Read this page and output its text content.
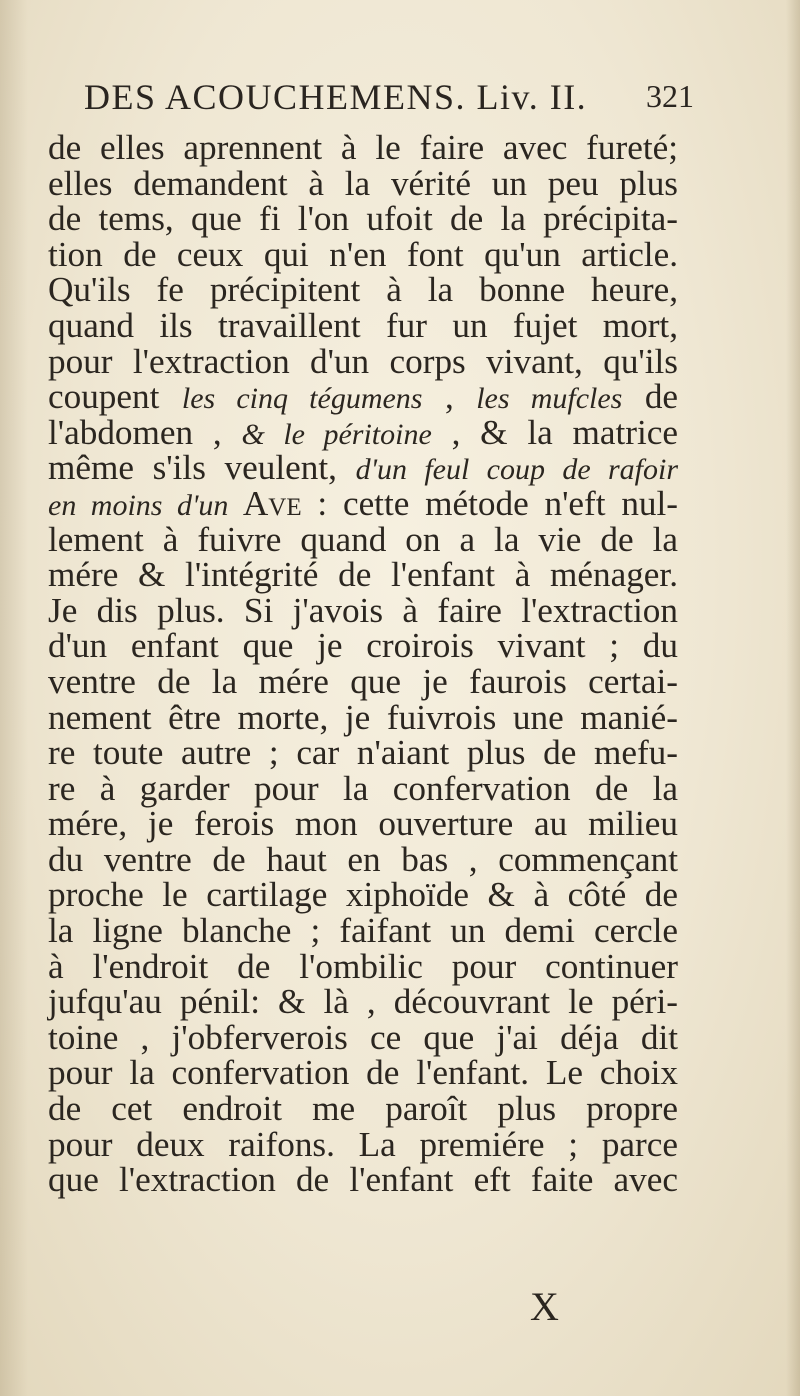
DES ACOUCHEMENS. Liv. II. 321
de elles aprennent à le faire avec fureté;
elles demandent à la vérité un peu plus
de tems, que fi l'on ufoit de la précipita-
tion de ceux qui n'en font qu'un article.
Qu'ils fe précipitent à la bonne heure,
quand ils travaillent fur un fujet mort,
pour l'extraction d'un corps vivant, qu'ils
coupent les cinq tégumens , les mufcles de
l'abdomen , & le péritoine , & la matrice
même s'ils veulent, d'un feul coup de rafoir
en moins d'un Ave : cette métode n'eft nul-
lement à fuivre quand on a la vie de la
mére & l'intégrité de l'enfant à ménager.
Je dis plus. Si j'avois à faire l'extraction
d'un enfant que je croirois vivant ; du
ventre de la mére que je faurois certai-
nement être morte, je fuivrois une manié-
re toute autre ; car n'aiant plus de mefu-
re à garder pour la confervation de la
mére, je ferois mon ouverture au milieu
du ventre de haut en bas , commençant
proche le cartilage xiphoïde & à côté de
la ligne blanche ; faifant un demi cercle
à l'endroit de l'ombilic pour continuer
jufqu'au pénil: & là , découvrant le péri-
toine , j'obferverois ce que j'ai déja dit
pour la confervation de l'enfant. Le choix
de cet endroit me paroît plus propre
pour deux raifons. La premiére ; parce
que l'extraction de l'enfant eft faite avec
X
